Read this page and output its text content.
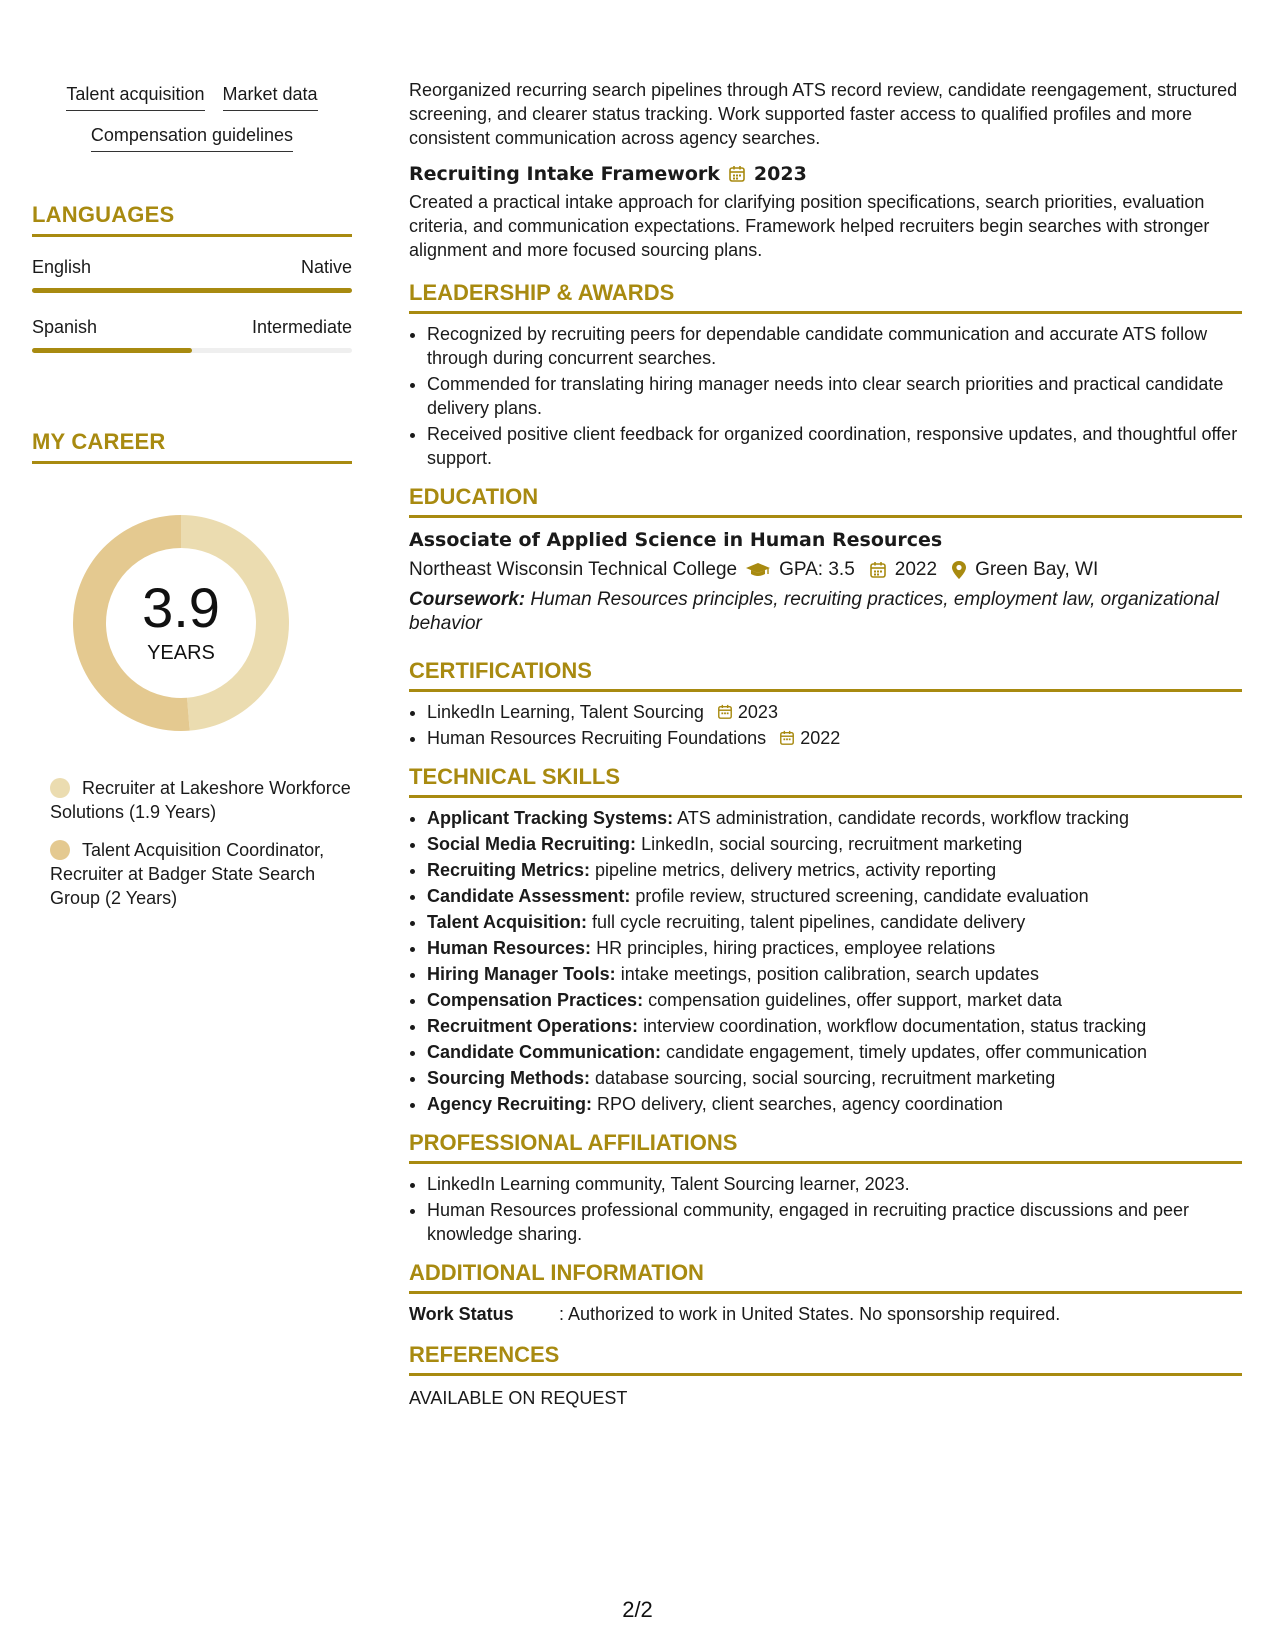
Talent acquisition Market data
Compensation guidelines
LANGUAGES
English	Native
Spanish	Intermediate
MY CAREER
3.9
YEARS
Recruiter at Lakeshore Workforce Solutions (1.9 Years)
Talent Acquisition Coordinator, Recruiter at Badger State Search Group (2 Years)

Reorganized recurring search pipelines through ATS record review, candidate reengagement, structured screening, and clearer status tracking. Work supported faster access to qualified profiles and more consistent communication across agency searches.

Recruiting Intake Framework 2023

Created a practical intake approach for clarifying position specifications, search priorities, evaluation criteria, and communication expectations. Framework helped recruiters begin searches with stronger alignment and more focused sourcing plans.

LEADERSHIP & AWARDS
• Recognized by recruiting peers for dependable candidate communication and accurate ATS follow through during concurrent searches.
• Commended for translating hiring manager needs into clear search priorities and practical candidate delivery plans.
• Received positive client feedback for organized coordination, responsive updates, and thoughtful offer support.
EDUCATION
Associate of Applied Science in Human Resources
Northeast Wisconsin Technical College GPA: 3.5 2022 Green Bay, WI
Coursework: Human Resources principles, recruiting practices, employment law, organizational behavior
CERTIFICATIONS
• LinkedIn Learning, Talent Sourcing 2023
• Human Resources Recruiting Foundations 2022
TECHNICAL SKILLS
• Applicant Tracking Systems: ATS administration, candidate records, workflow tracking
• Social Media Recruiting: LinkedIn, social sourcing, recruitment marketing
• Recruiting Metrics: pipeline metrics, delivery metrics, activity reporting
• Candidate Assessment: profile review, structured screening, candidate evaluation
• Talent Acquisition: full cycle recruiting, talent pipelines, candidate delivery
• Human Resources: HR principles, hiring practices, employee relations
• Hiring Manager Tools: intake meetings, position calibration, search updates
• Compensation Practices: compensation guidelines, offer support, market data
• Recruitment Operations: interview coordination, workflow documentation, status tracking
• Candidate Communication: candidate engagement, timely updates, offer communication
• Sourcing Methods: database sourcing, social sourcing, recruitment marketing
• Agency Recruiting: RPO delivery, client searches, agency coordination
PROFESSIONAL AFFILIATIONS
• LinkedIn Learning community, Talent Sourcing learner, 2023.
• Human Resources professional community, engaged in recruiting practice discussions and peer knowledge sharing.
ADDITIONAL INFORMATION
Work Status	: Authorized to work in United States. No sponsorship required.
REFERENCES

AVAILABLE ON REQUEST

2/2
